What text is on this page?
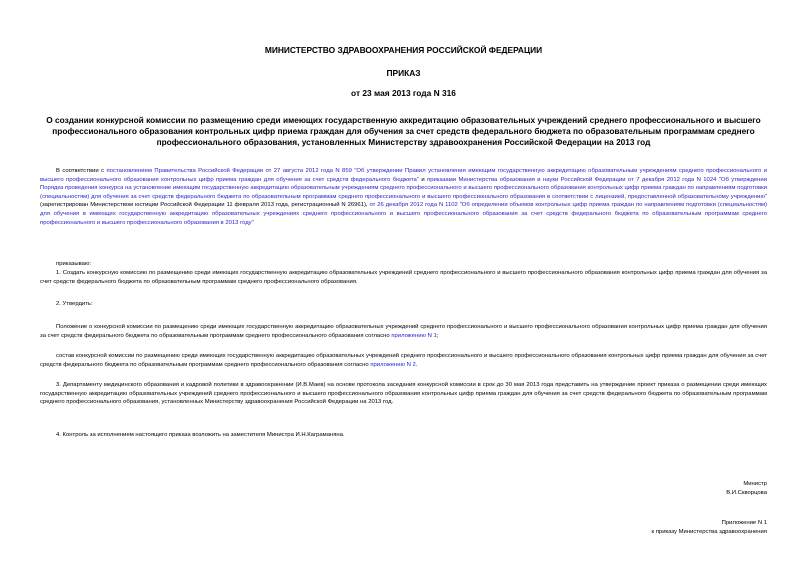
МИНИСТЕРСТВО ЗДРАВООХРАНЕНИЯ РОССИЙСКОЙ ФЕДЕРАЦИИ
ПРИКАЗ
от 23 мая 2013 года N 316
О создании конкурсной комиссии по размещению среди имеющих государственную аккредитацию образовательных учреждений среднего профессионального и высшего профессионального образования контрольных цифр приема граждан для обучения за счет средств федерального бюджета по образовательным программам среднего профессионального образования, установленных Министерству здравоохранения Российской Федерации на 2013 год
В соответствии с постановлением Правительства Российской Федерации от 27 августа 2012 года N 859 "Об утверждении Правил установления имеющим государственную аккредитацию образовательным учреждениям среднего профессионального и высшего профессионального образования контрольных цифр приема граждан для обучения за счет средств федерального бюджета" и приказами Министерства образования и науки Российской Федерации от 7 декабря 2012 года N 1024 "Об утверждении Порядка проведения конкурса на установление имеющим государственную аккредитацию образовательным учреждениям среднего профессионального и высшего профессионального образования контрольных цифр приема граждан по направлениям подготовки (специальностям) для обучения за счет средств федерального бюджета по образовательным программам среднего профессионального и высшего профессионального образования в соответствии с лицензией, предоставленной образовательному учреждению" (зарегистрирован Министерством юстиции Российской Федерации 11 февраля 2013 года, регистрационный N 26961), от 26 декабря 2012 года N 1102 "Об определении объемов контрольных цифр приема граждан по направлениям подготовки (специальностям) для обучения в имеющих государственную аккредитацию образовательных учреждениях среднего профессионального и высшего профессионального образования за счет средств федерального бюджета по образовательным программам среднего профессионального и высшего профессионального образования в 2013 году"
приказываю:
1. Создать конкурсную комиссию по размещению среди имеющих государственную аккредитацию образовательных учреждений среднего профессионального и высшего профессионального образования контрольных цифр приема граждан для обучения за счет средств федерального бюджета по образовательным программам среднего профессионального образования.
2. Утвердить:
Положение о конкурсной комиссии по размещению среди имеющих государственную аккредитацию образовательных учреждений среднего профессионального и высшего профессионального образования контрольных цифр приема граждан для обучения за счет средств федерального бюджета по образовательным программам среднего профессионального образования согласно приложению N 1;
состав конкурсной комиссии по размещению среди имеющих государственную аккредитацию образовательных учреждений среднего профессионального и высшего профессионального образования контрольных цифр приема граждан для обучения за счет средств федерального бюджета по образовательным программам среднего профессионального образования согласно приложению N 2.
3. Департаменту медицинского образования и кадровой политики в здравоохранении (И.В.Маев) на основе протокола заседания конкурсной комиссии в срок до 30 мая 2013 года представить на утверждение проект приказа о размещении среди имеющих государственную аккредитацию образовательных учреждений среднего профессионального и высшего профессионального образования контрольных цифр приема граждан для обучения за счет средств федерального бюджета по образовательным программам среднего профессионального образования, установленных Министерству здравоохранения Российской Федерации на 2013 год.
4. Контроль за исполнением настоящего приказа возложить на заместителя Министра И.Н.Каграманяна.
Министр
В.И.Скворцова
Приложение N 1
к приказу Министерства здравоохранения
